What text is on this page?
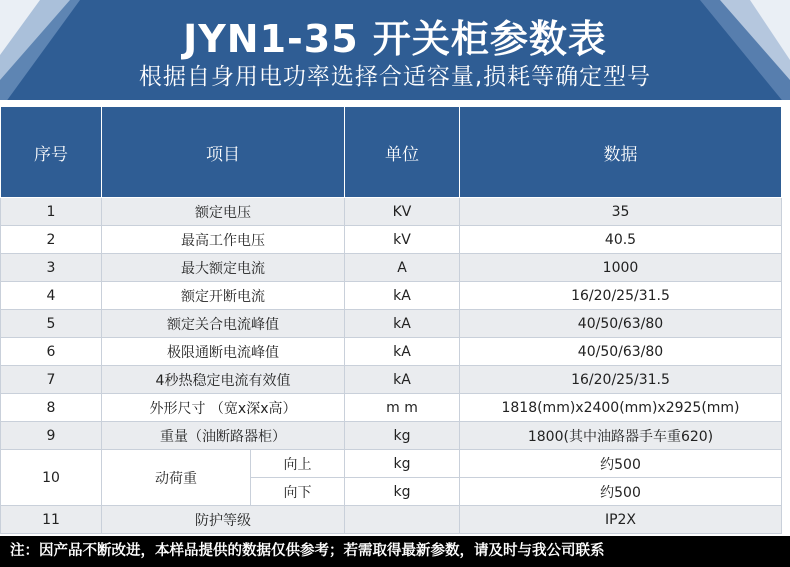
JYN1-35 开关柜参数表
根据自身用电功率选择合适容量,损耗等确定型号
序号	项目		单位	数据
1	额定电压		KV	35
2	最高工作电压		kV	40.5
3	最大额定电流		A	1000
4	额定开断电流		kA	16/20/25/31.5
5	额定关合电流峰值		kA	40/50/63/80
6	极限通断电流峰值		kA	40/50/63/80
7	4秒热稳定电流有效值		kA	16/20/25/31.5
8	外形尺寸 （宽x深x高）		m m	1818(mm)x2400(mm)x2925(mm)
9	重量（油断路器柜）		kg	1800(其中油路器手车重620)
10	动荷重	向上	kg	约500
		向下	kg	约500
11	防护等级			IP2X
注：因产品不断改进，本样品提供的数据仅供参考；若需取得最新参数，请及时与我公司联系
